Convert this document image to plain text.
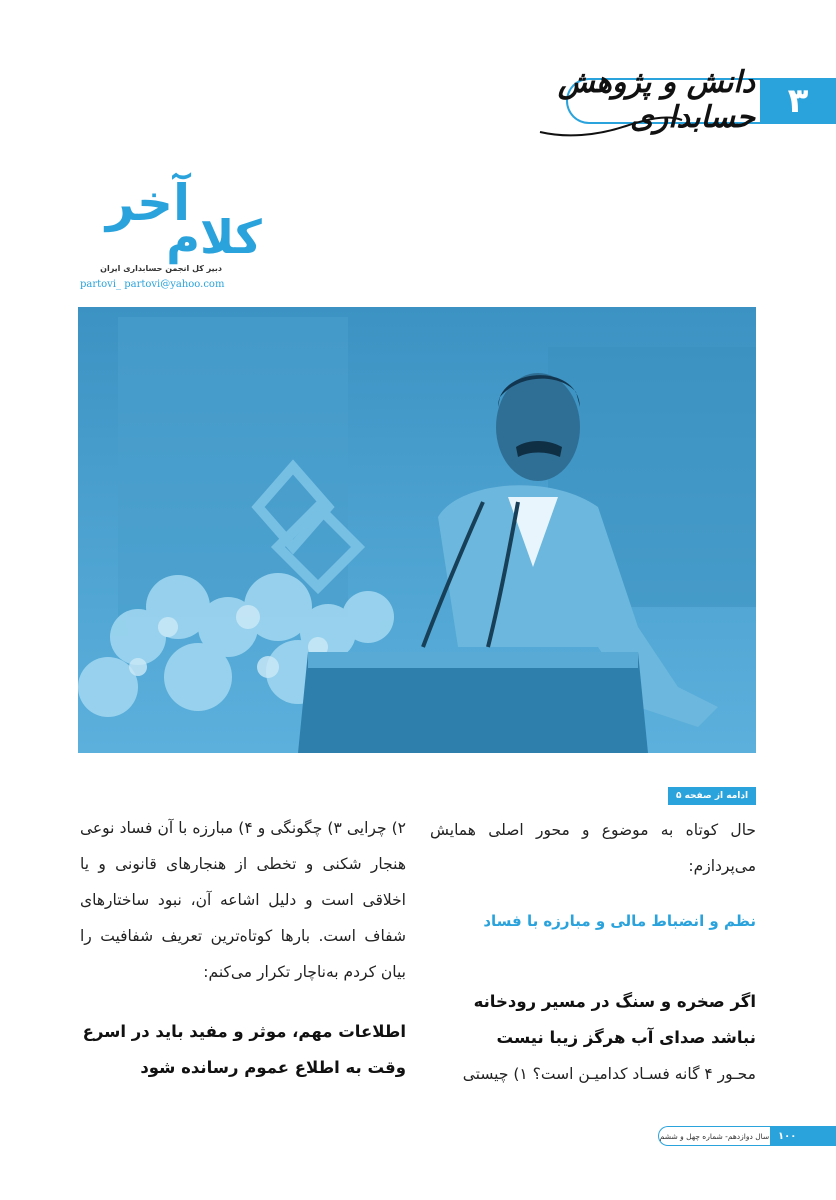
۳
دانش و پژوهش حسابداری
آخر
کلام
دبیر کل انجمن حسابداری ایران
partovi_ partovi@yahoo.com
ادامه از صفحه ۵
حال کوتاه به موضوع و محور اصلی همایش می‌پردازم:
نظم و انضباط مالی و مبارزه با فساد
اگر صخره و سنگ در مسیر رودخانه نباشد صدای آب هرگز زیبا نیست
محـور ۴ گانه فسـاد کدامیـن است؟ ۱) چیستی
۲) چرایی ۳) چگونگی و ۴) مبارزه با آن فساد نوعی هنجار شکنی و تخطی از هنجارهای قانونی و یا اخلاقی است و دلیل اشاعه آن، نبود ساختارهای شفاف است. بارها کوتاه‌ترین تعریف شفافیت را بیان کردم به‌ناچار تکرار می‌کنم:
اطلاعات مهم، موثر و مفید باید در اسرع وقت به اطلاع عموم رسانده شود
سال دوازدهم- شماره چهل و ششم ۱۰۰
